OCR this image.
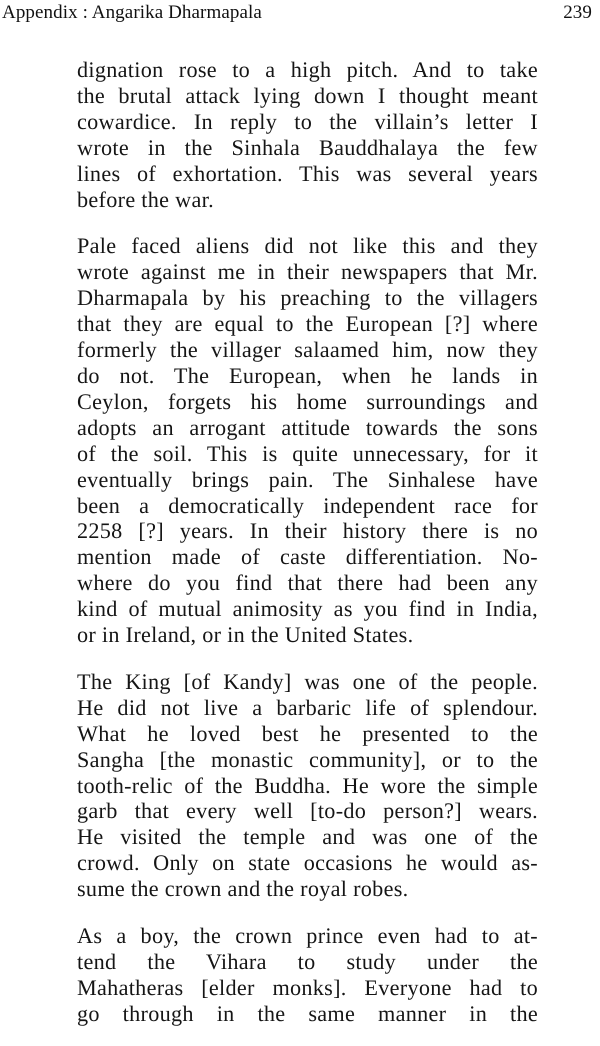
Appendix : Angarika Dharmapala	239

dignation rose to a high pitch. And to take
the brutal attack lying down I thought meant
cowardice. In reply to the villain’s letter I
wrote in the Sinhala Bauddhalaya the few
lines of exhortation. This was several years
before the war.

Pale faced aliens did not like this and they
wrote against me in their newspapers that Mr.
Dharmapala by his preaching to the villagers
that they are equal to the European [?] where
formerly the villager salaamed him, now they
do not. The European, when he lands in
Ceylon, forgets his home surroundings and
adopts an arrogant attitude towards the sons
of the soil. This is quite unnecessary, for it
eventually brings pain. The Sinhalese have
been a democratically independent race for
2258 [?] years. In their history there is no
mention made of caste differentiation. No-
where do you find that there had been any
kind of mutual animosity as you find in India,
or in Ireland, or in the United States.

The King [of Kandy] was one of the people.
He did not live a barbaric life of splendour.
What he loved best he presented to the
Sangha [the monastic community], or to the
tooth-relic of the Buddha. He wore the simple
garb that every well [to-do person?] wears.
He visited the temple and was one of the
crowd. Only on state occasions he would as-
sume the crown and the royal robes.

As a boy, the crown prince even had to at-
tend the Vihara to study under the
Mahatheras [elder monks]. Everyone had to
go through in the same manner in the
